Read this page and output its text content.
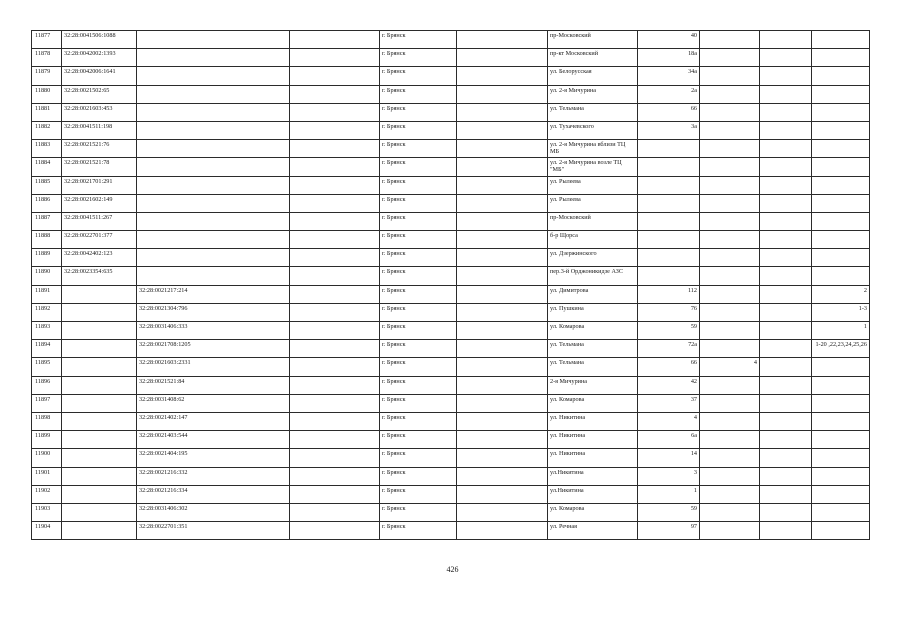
11877	32:28:0041506:1088			г. Брянск		пр-Московский	40			
11878	32:28:0042002:1393			г. Брянск		пр-кт Московский	18а			
11879	32:28:0042006:1641			г. Брянск		ул. Белорусская	34а			
11880	32:28:0021502:65			г. Брянск		ул. 2-я Мичурина	2а			
11881	32:28:0021603:453			г. Брянск		ул. Тельмана	66			
11882	32:28:0041511:198			г. Брянск		ул. Тухачевского	3а			
11883	32:28:0021521:76			г. Брянск		ул. 2-я Мичурина вблизи ТЦ МБ				
11884	32:28:0021521:78			г. Брянск		ул. 2-я Мичурина возле ТЦ "МБ"				
11885	32:28:0021701:291			г. Брянск		ул. Рылеева				
11886	32:28:0021602:149			г. Брянск		ул. Рылеева				
11887	32:28:0041511:267			г. Брянск		пр-Московский				
11888	32:28:0022701:377			г. Брянск		б-р Щорса				
11889	32:28:0042402:123			г. Брянск		ул. Дзержинского				
11890	32:28:0023354:635			г. Брянск		пер.3-й Орджоникидзе АЗС				
11891		32:28:0021217:214		г. Брянск		ул. Димитрова	112			2
11892		32:28:0021304:796		г. Брянск		ул. Пушкина	76			1-3
11893		32:28:0031406:333		г. Брянск		ул. Комарова	59			1
11894		32:28:0021708:1205		г. Брянск		ул. Тельмана	72а			1-20 ,22,23,24,25,26
11895		32:28:0021603:2331		г. Брянск		ул. Тельмана	66	4		
11896		32:28:0021521:84		г. Брянск		2-я Мичурина	42			
11897		32:28:0031408:62		г. Брянск		ул. Комарова	37			
11898		32:28:0021402:147		г. Брянск		ул. Никитина	4			
11899		32:28:0021403:544		г. Брянск		ул. Никитина	6а			
11900		32:28:0021404:195		г. Брянск		ул. Никитина	14			
11901		32:28:0021216:332		г. Брянск		ул.Никитина	3			
11902		32:28:0021216:334		г. Брянск		ул.Никитина	1			
11903		32:28:0031406:302		г. Брянск		ул. Комарова	59			
11904		32:28:0022701:351		г. Брянск		ул. Речная	97			
426
